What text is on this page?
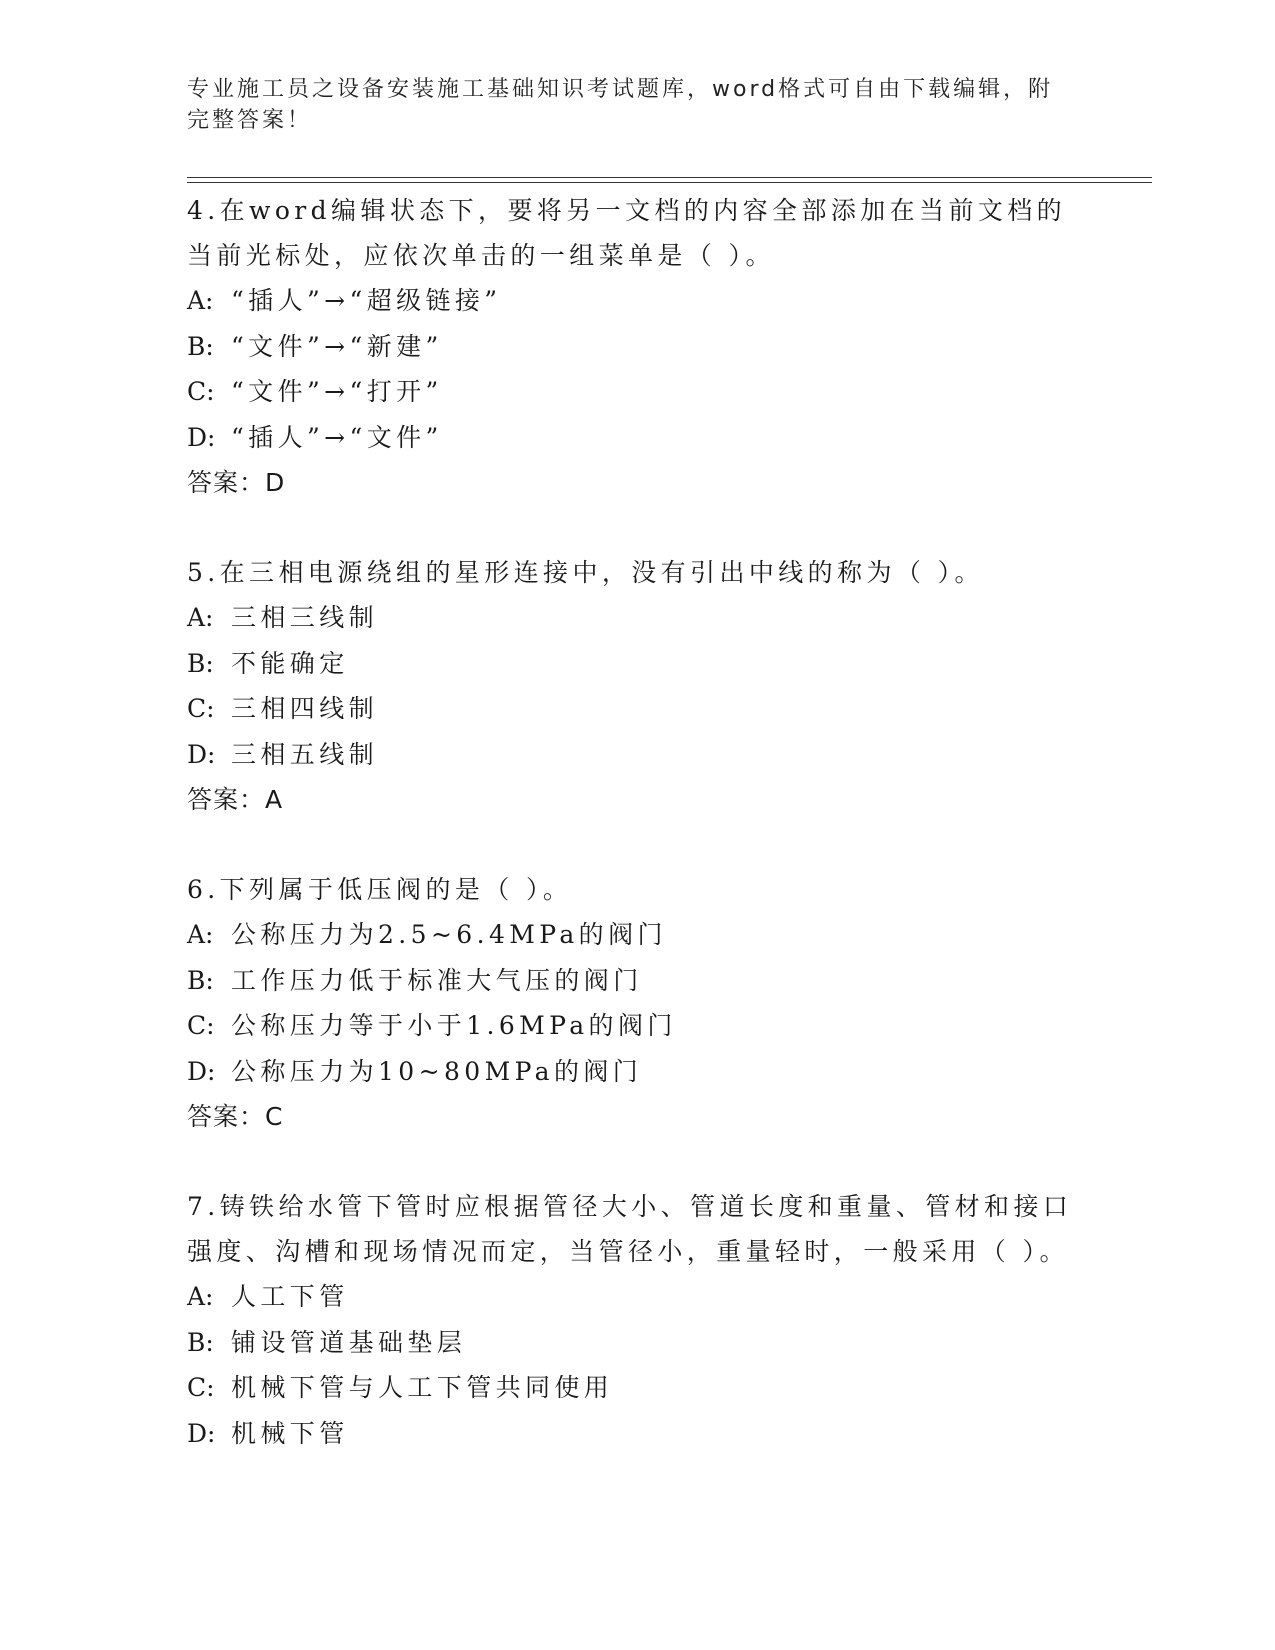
专业施工员之设备安装施工基础知识考试题库，word格式可自由下载编辑，附完整答案！

4.在word编辑状态下，要将另一文档的内容全部添加在当前文档的当前光标处，应依次单击的一组菜单是（ ）。

A: “插人”→“超级链接”
B: “文件”→“新建”
C: “文件”→“打开”
D: “插人”→“文件”
答案：D

5.在三相电源绕组的星形连接中，没有引出中线的称为（ ）。

A: 三相三线制
B: 不能确定
C: 三相四线制
D: 三相五线制
答案：A

6.下列属于低压阀的是（ ）。

A: 公称压力为2.5~6.4MPa的阀门
B: 工作压力低于标准大气压的阀门
C: 公称压力等于小于1.6MPa的阀门
D: 公称压力为10~80MPa的阀门
答案：C

7.铸铁给水管下管时应根据管径大小、管道长度和重量、管材和接口强度、沟槽和现场情况而定，当管径小，重量轻时，一般采用（ ）。

A: 人工下管
B: 铺设管道基础垫层
C: 机械下管与人工下管共同使用
D: 机械下管
